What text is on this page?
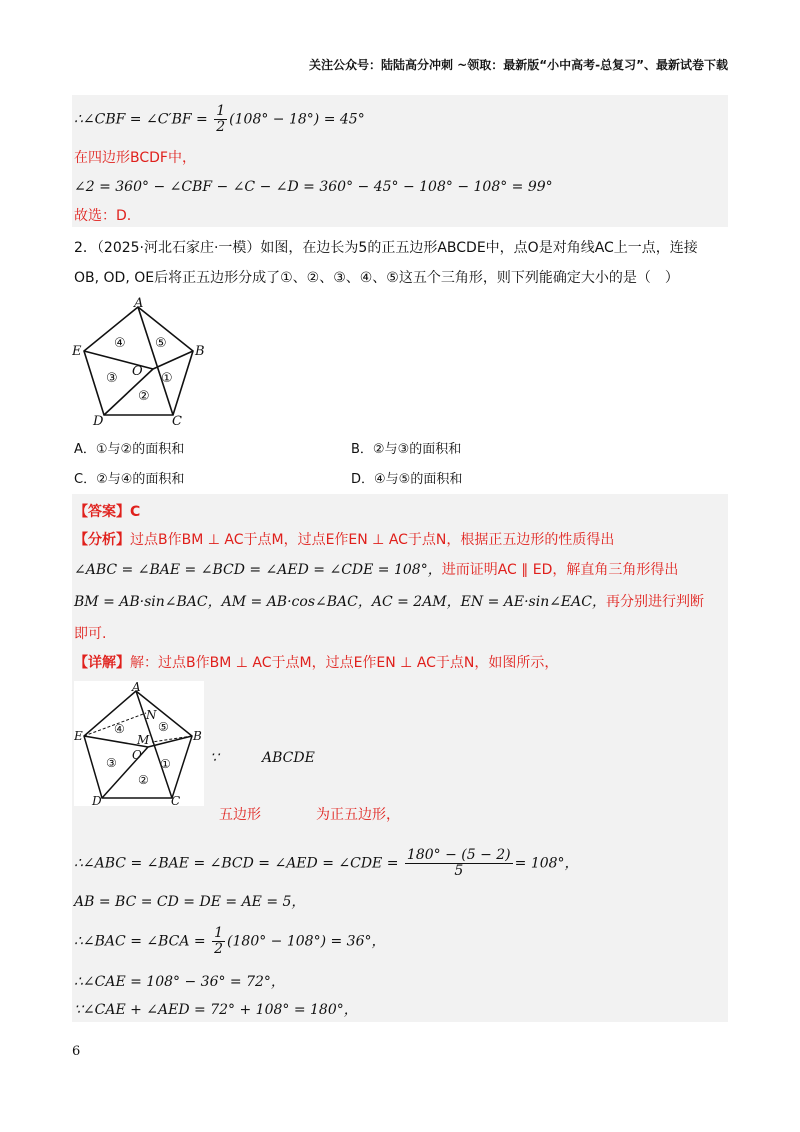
关注公众号：陆陆高分冲刺 ~领取：最新版“小中高考-总复习”、最新试卷下载
∴∠CBF = ∠C′BF = $\frac{1}{2} (108^\circ - 18^\circ) = 45^\circ$
在四边形BCDF中，
∠2 = 360° − ∠CBF − ∠C − ∠D = 360° − 45° − 108° − 108° = 99°
故选：D.
2．（2025·河北石家庄·一模）如图，在边长为5的正五边形ABCDE中，点O是对角线AC上一点，连接
OB, OD, OE后将正五边形分成了①、②、③、④、⑤这五个三角形，则下列能确定大小的是（　）
A
B
C
D
E
O ①
②
③
④ ⑤
A．①与②的面积和	B．②与③的面积和
C．②与④的面积和	D．④与⑤的面积和
【答案】C
【分析】过点B作BM ⊥ AC于点M，过点E作EN ⊥ AC于点N，根据正五边形的性质得出
∠ABC = ∠BAE = ∠BCD = ∠AED = ∠CDE = 108°，进而证明AC ∥ ED，解直角三角形得出
BM = AB·sin∠BAC，AM = AB·cos∠BAC，AC = 2AM，EN = AE·sin∠EAC，再分别进行判断
即可.
【详解】解：过点B作BM ⊥ AC于点M，过点E作EN ⊥ AC于点N，如图所示，
A
B
C
D
E
O
M
N
①
②
③
④	⑤
∵	ABCDE
五边形	为正五边形，
∴∠ABC = ∠BAE = ∠BCD = ∠AED = ∠CDE = $\frac{180^\circ - (5 - 2)}{5} = 108^\circ$，
AB = BC = CD = DE = AE = 5，
∴∠BAC = ∠BCA = $\frac{1}{2} (180^\circ - 108^\circ) = 36^\circ$，
∴∠CAE = 108° − 36° = 72°，
∵∠CAE + ∠AED = 72° + 108° = 180°，
6
